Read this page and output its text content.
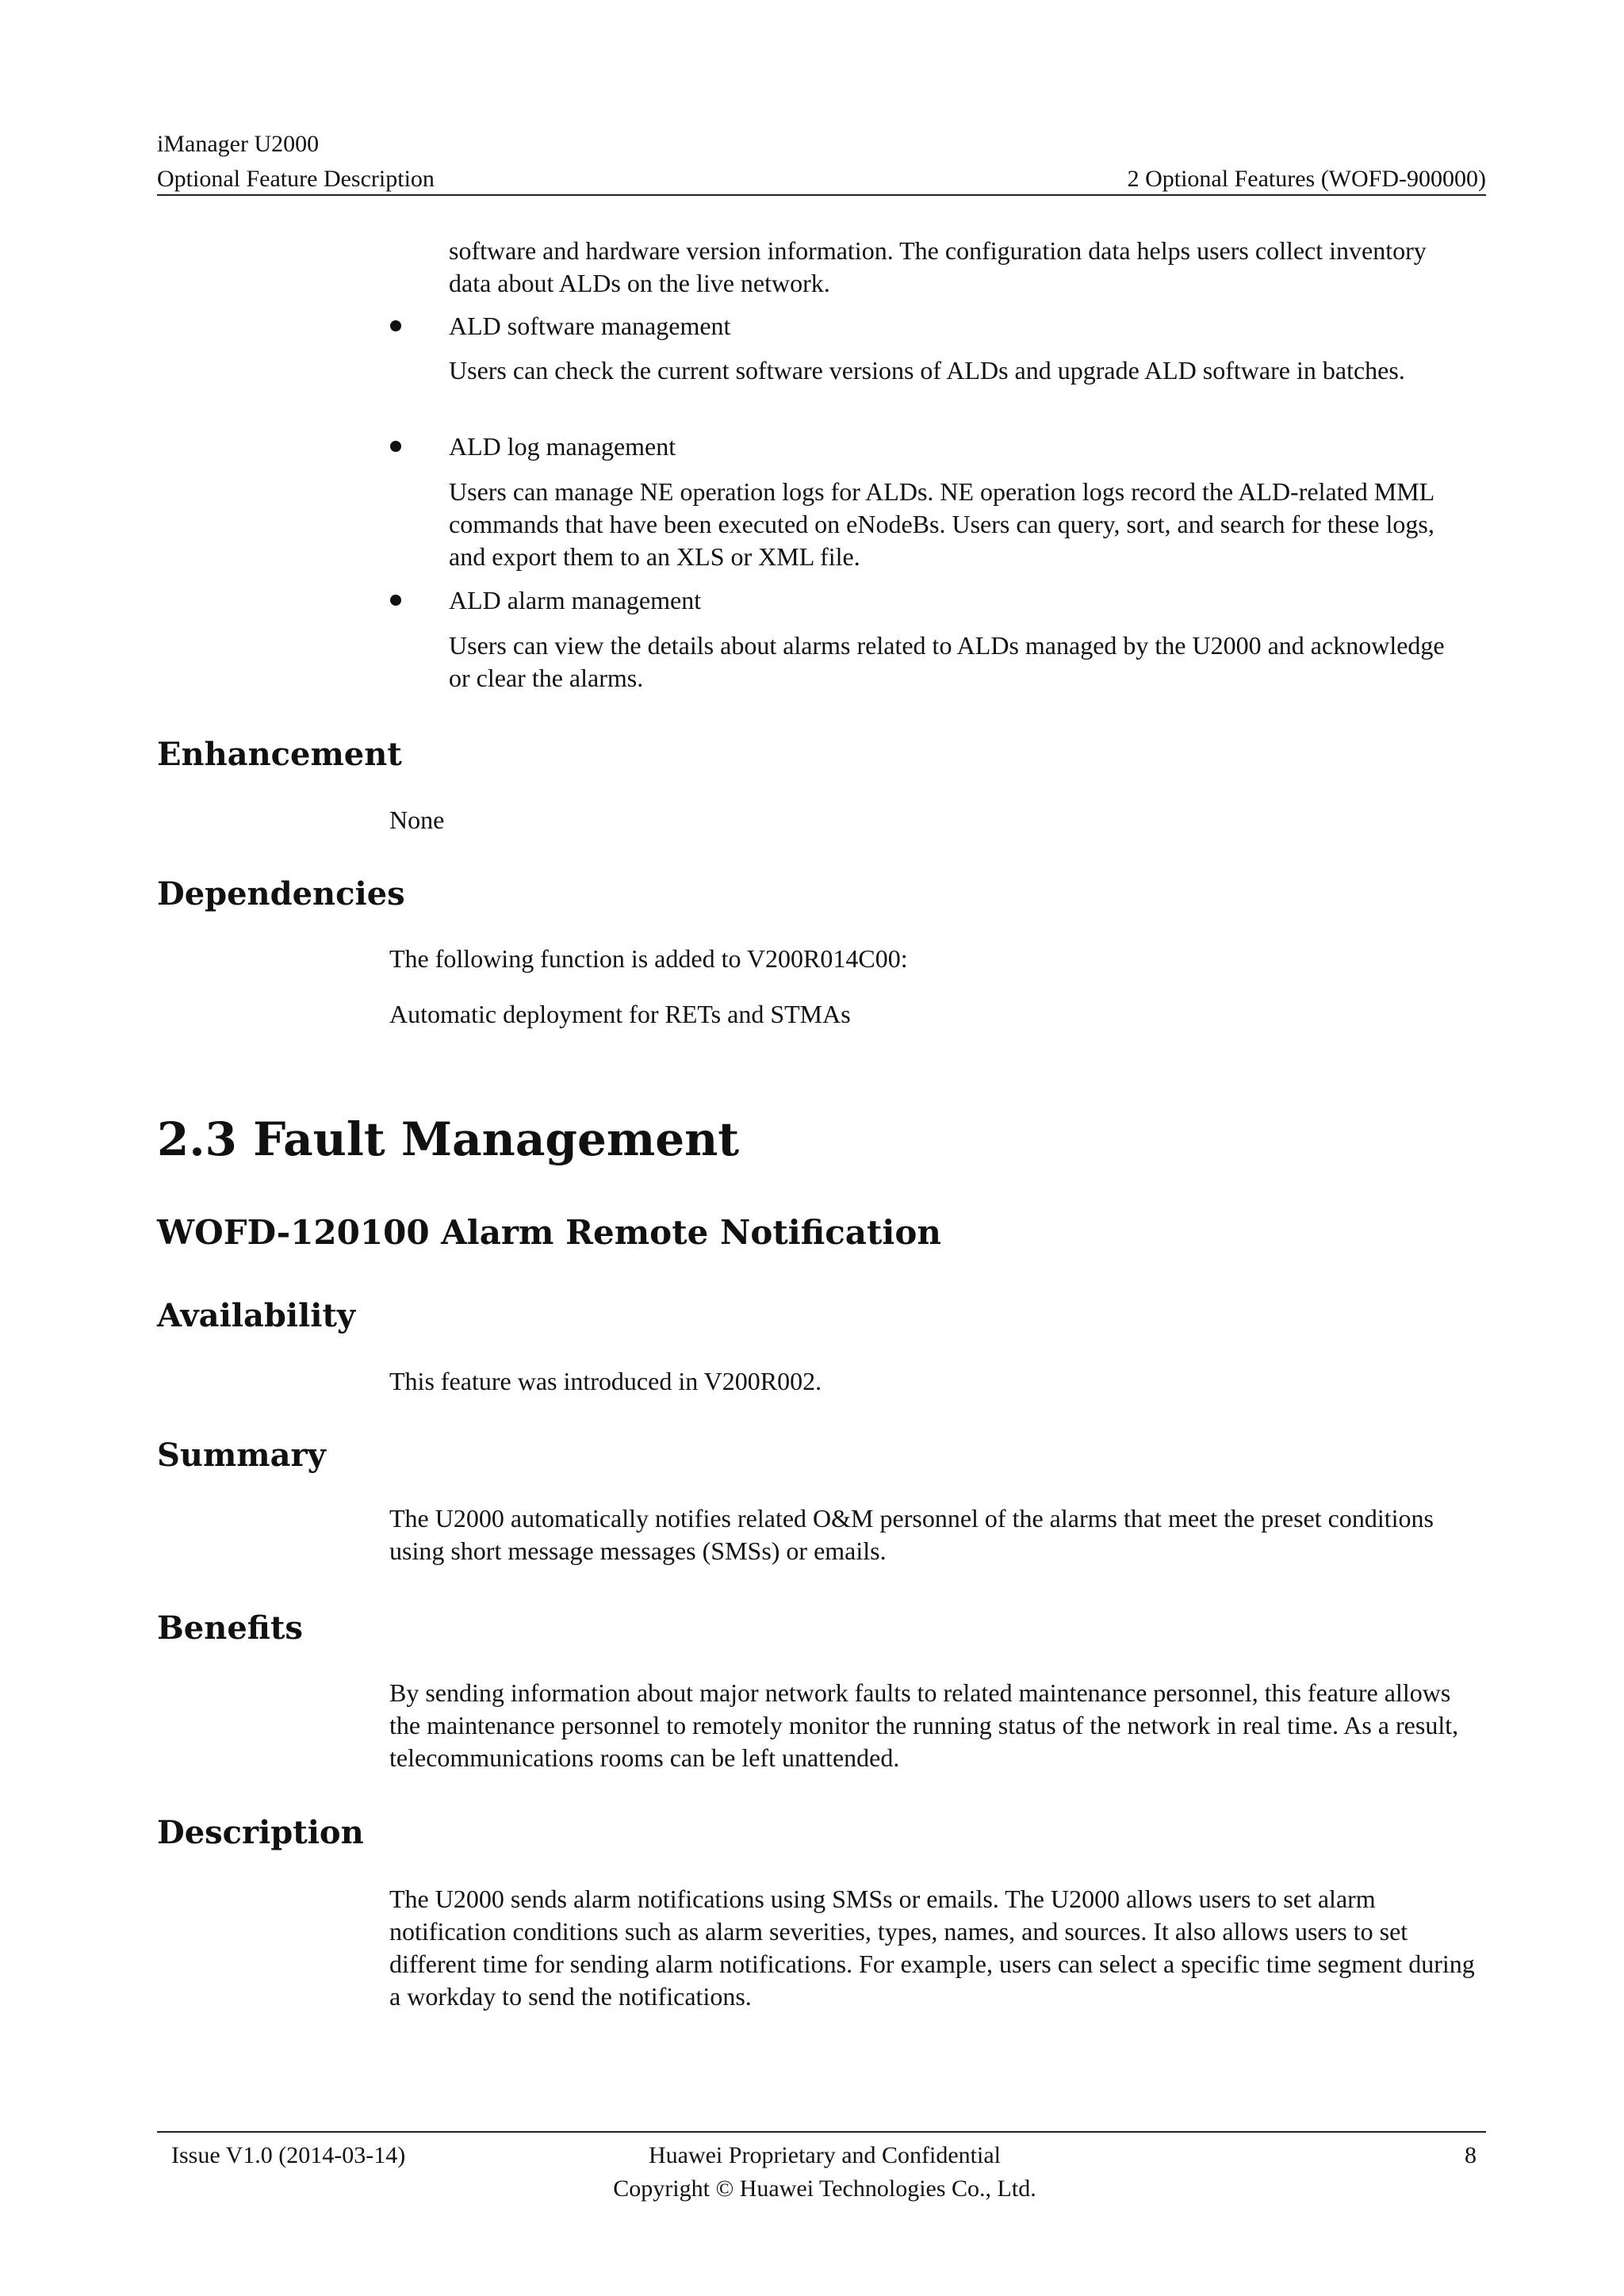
iManager U2000
Optional Feature Description	2 Optional Features (WOFD-900000)

software and hardware version information. The configuration data helps users collect inventory data about ALDs on the live network.

ALD software management
Users can check the current software versions of ALDs and upgrade ALD software in batches.
ALD log management
Users can manage NE operation logs for ALDs. NE operation logs record the ALD-related MML commands that have been executed on eNodeBs. Users can query, sort, and search for these logs, and export them to an XLS or XML file.
ALD alarm management
Users can view the details about alarms related to ALDs managed by the U2000 and acknowledge or clear the alarms.
Enhancement
None
Dependencies
The following function is added to V200R014C00:
Automatic deployment for RETs and STMAs
2.3 Fault Management
WOFD-120100 Alarm Remote Notification
Availability
This feature was introduced in V200R002.
Summary
The U2000 automatically notifies related O&M personnel of the alarms that meet the preset conditions using short message messages (SMSs) or emails.
Benefits
By sending information about major network faults to related maintenance personnel, this feature allows the maintenance personnel to remotely monitor the running status of the network in real time. As a result, telecommunications rooms can be left unattended.
Description
The U2000 sends alarm notifications using SMSs or emails. The U2000 allows users to set alarm notification conditions such as alarm severities, types, names, and sources. It also allows users to set different time for sending alarm notifications. For example, users can select a specific time segment during a workday to send the notifications.
Issue V1.0 (2014-03-14)	Huawei Proprietary and Confidential
Copyright © Huawei Technologies Co., Ltd.
8
